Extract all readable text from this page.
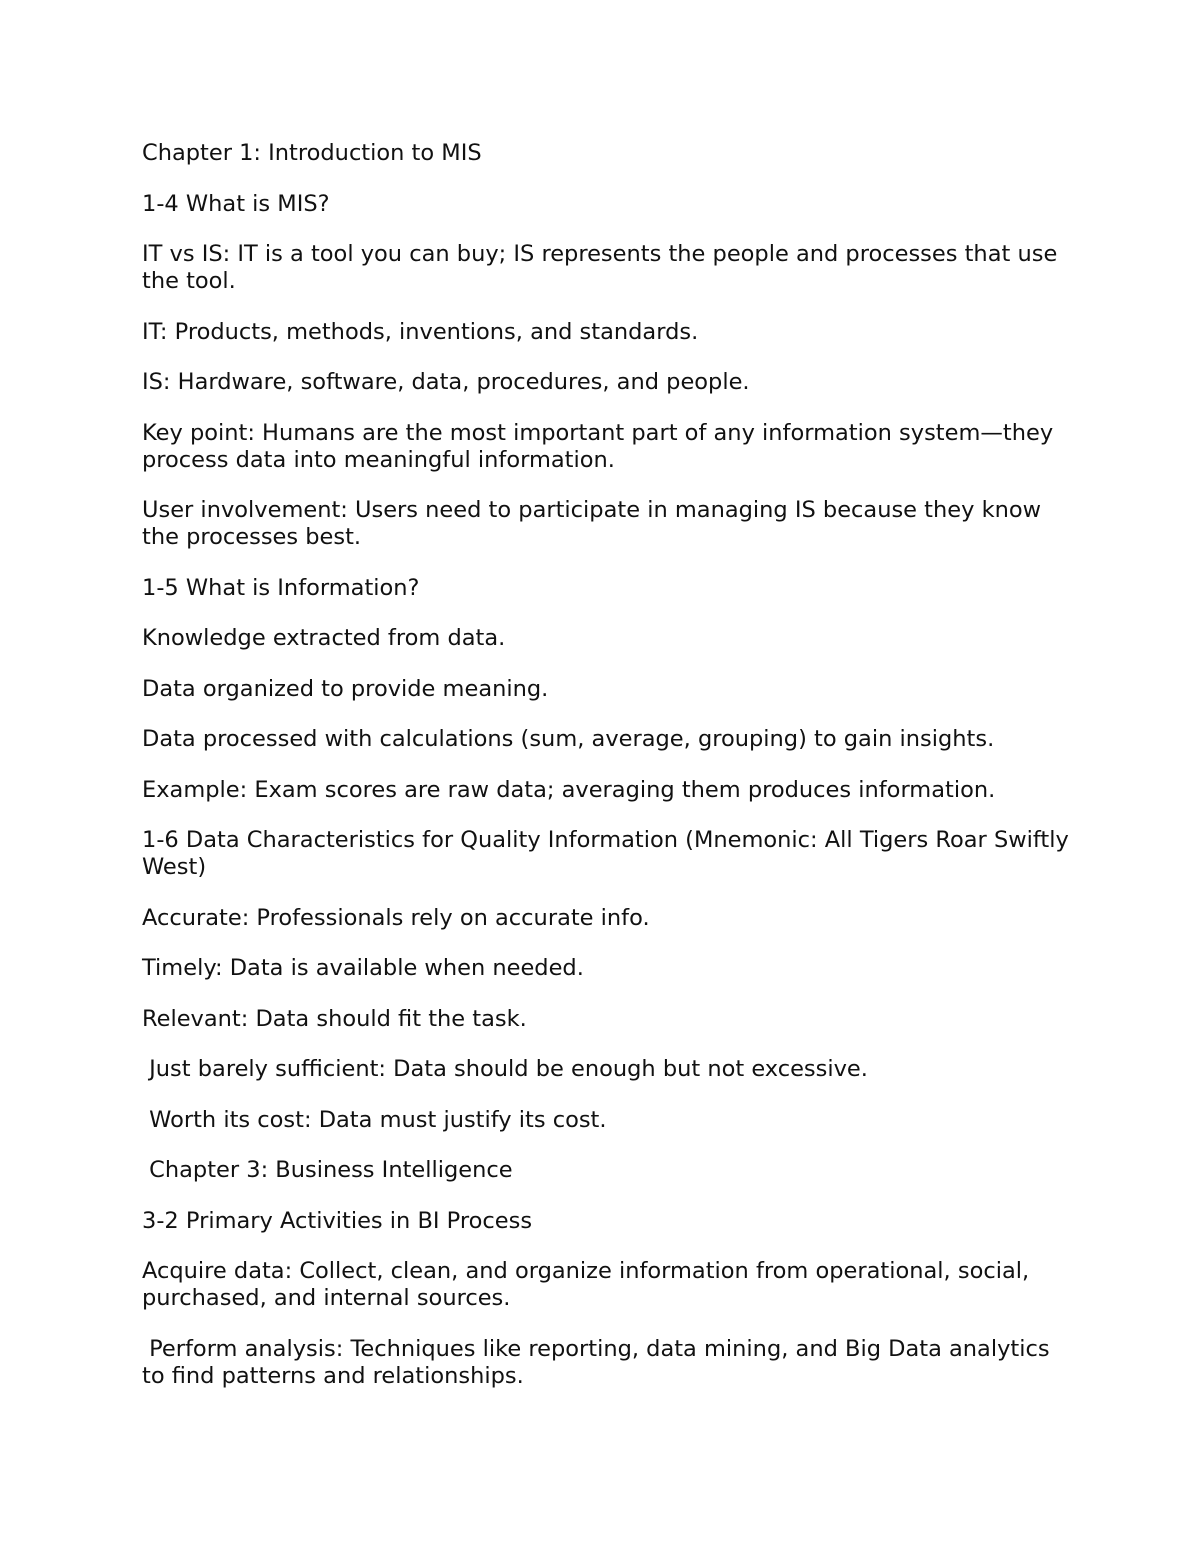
Chapter 1: Introduction to MIS

1-4 What is MIS?

IT vs IS: IT is a tool you can buy; IS represents the people and processes that use the tool.

IT: Products, methods, inventions, and standards.

IS: Hardware, software, data, procedures, and people.

Key point: Humans are the most important part of any information system—they process data into meaningful information.

User involvement: Users need to participate in managing IS because they know the processes best.

1-5 What is Information?

Knowledge extracted from data.

Data organized to provide meaning.

Data processed with calculations (sum, average, grouping) to gain insights.

Example: Exam scores are raw data; averaging them produces information.

1-6 Data Characteristics for Quality Information (Mnemonic: All Tigers Roar Swiftly West)

Accurate: Professionals rely on accurate info.

Timely: Data is available when needed.

Relevant: Data should fit the task.

Just barely sufficient: Data should be enough but not excessive.

Worth its cost: Data must justify its cost.

Chapter 3: Business Intelligence

3-2 Primary Activities in BI Process

Acquire data: Collect, clean, and organize information from operational, social, purchased, and internal sources.

Perform analysis: Techniques like reporting, data mining, and Big Data analytics to find patterns and relationships.
